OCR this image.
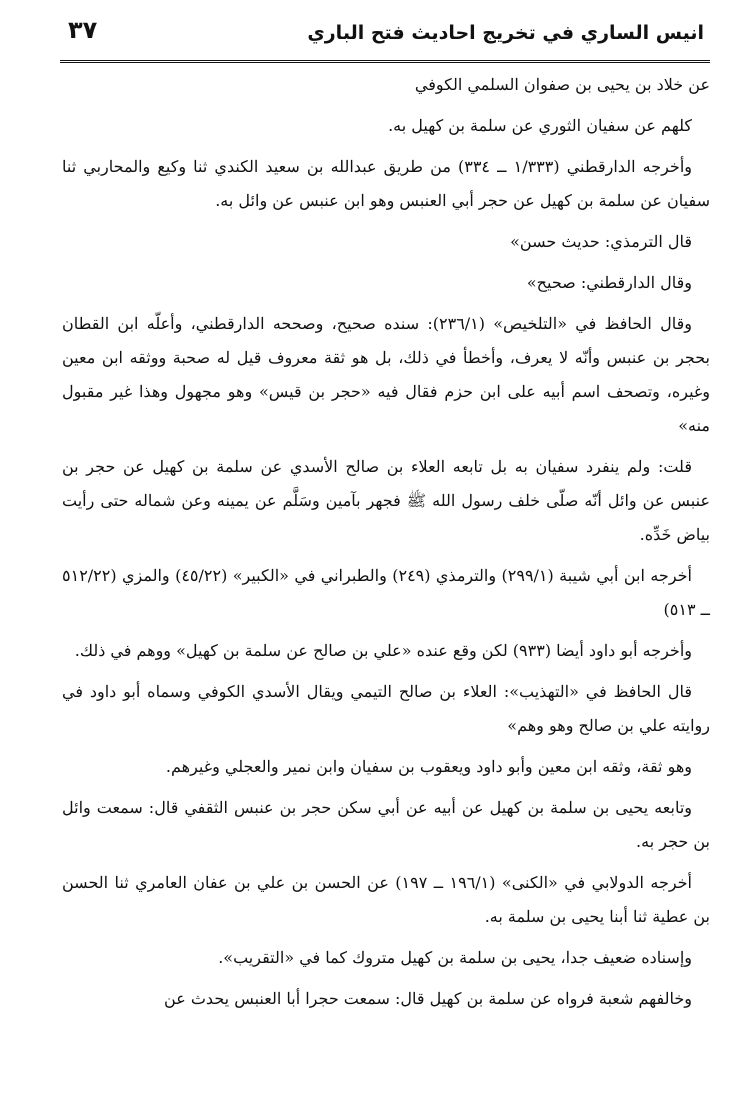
٣٧	انيس الساري في تخريج احاديث فتح الباري

عن خلاد بن يحيى بن صفوان السلمي الكوفي

كلهم عن سفيان الثوري عن سلمة بن كهيل به.

وأخرجه الدارقطني (١/٣٣٣ ــ ٣٣٤) من طريق عبدالله بن سعيد الكندي ثنا وكيع والمحاربي ثنا سفيان عن سلمة بن كهيل عن حجر أبي العنبس وهو ابن عنبس عن وائل به.

قال الترمذي: حديث حسن»

وقال الدارقطني: صحيح»

وقال الحافظ في «التلخيص» (٢٣٦/١): سنده صحيح، وصححه الدارقطني، وأعلّه ابن القطان بحجر بن عنبس وأنّه لا يعرف، وأخطأ في ذلك، بل هو ثقة معروف قيل له صحبة ووثقه ابن معين وغيره، وتصحف اسم أبيه على ابن حزم فقال فيه «حجر بن قيس» وهو مجهول وهذا غير مقبول منه»

قلت: ولم ينفرد سفيان به بل تابعه العلاء بن صالح الأسدي عن سلمة بن كهيل عن حجر بن عنبس عن وائل أنّه صلّى خلف رسول الله ﷺ فجهر بآمين وسَلَّم عن يمينه وعن شماله حتى رأيت بياض خَدِّه.

أخرجه ابن أبي شيبة (٢٩٩/١) والترمذي (٢٤٩) والطبراني في «الكبير» (٤٥/٢٢) والمزي (٥١٢/٢٢ ــ ٥١٣)

وأخرجه أبو داود أيضا (٩٣٣) لكن وقع عنده «علي بن صالح عن سلمة بن كهيل» ووهم في ذلك.

قال الحافظ في «التهذيب»: العلاء بن صالح التيمي ويقال الأسدي الكوفي وسماه أبو داود في روايته علي بن صالح وهو وهم»

وهو ثقة، وثقه ابن معين وأبو داود ويعقوب بن سفيان وابن نمير والعجلي وغيرهم.

وتابعه يحيى بن سلمة بن كهيل عن أبيه عن أبي سكن حجر بن عنبس الثقفي قال: سمعت وائل بن حجر به.

أخرجه الدولابي في «الكنى» (١٩٦/١ ــ ١٩٧) عن الحسن بن علي بن عفان العامري ثنا الحسن بن عطية ثنا أبنا يحيى بن سلمة به.

وإسناده ضعيف جدا، يحيى بن سلمة بن كهيل متروك كما في «التقريب».

وخالفهم شعبة فرواه عن سلمة بن كهيل قال: سمعت حجرا أبا العنبس يحدث عن
